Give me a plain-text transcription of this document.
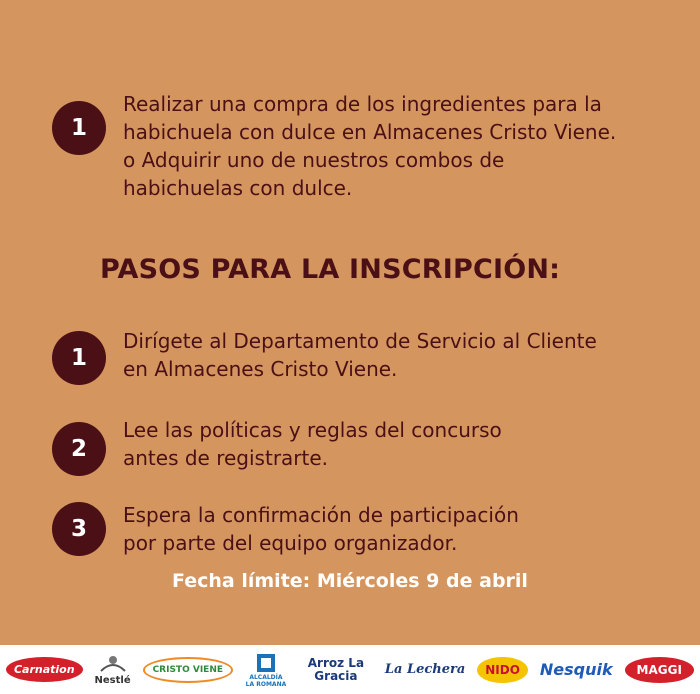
1
Realizar una compra de los ingredientes para la
habichuela con dulce en Almacenes Cristo Viene.
o Adquirir uno de nuestros combos de
habichuelas con dulce.
PASOS PARA LA INSCRIPCIÓN:
1
Dirígete al Departamento de Servicio al Cliente
en Almacenes Cristo Viene.
2
Lee las políticas y reglas del concurso
antes de registrarte.
3
Espera la confirmación de participación
por parte del equipo organizador.
Fecha límite: Miércoles 9 de abril
Carnation
Nestlé
CRISTO VIENE
ALCALDÍA LA ROMANA
Arroz La Gracia	La Lechera	NIDO	Nesquik	MAGGI
